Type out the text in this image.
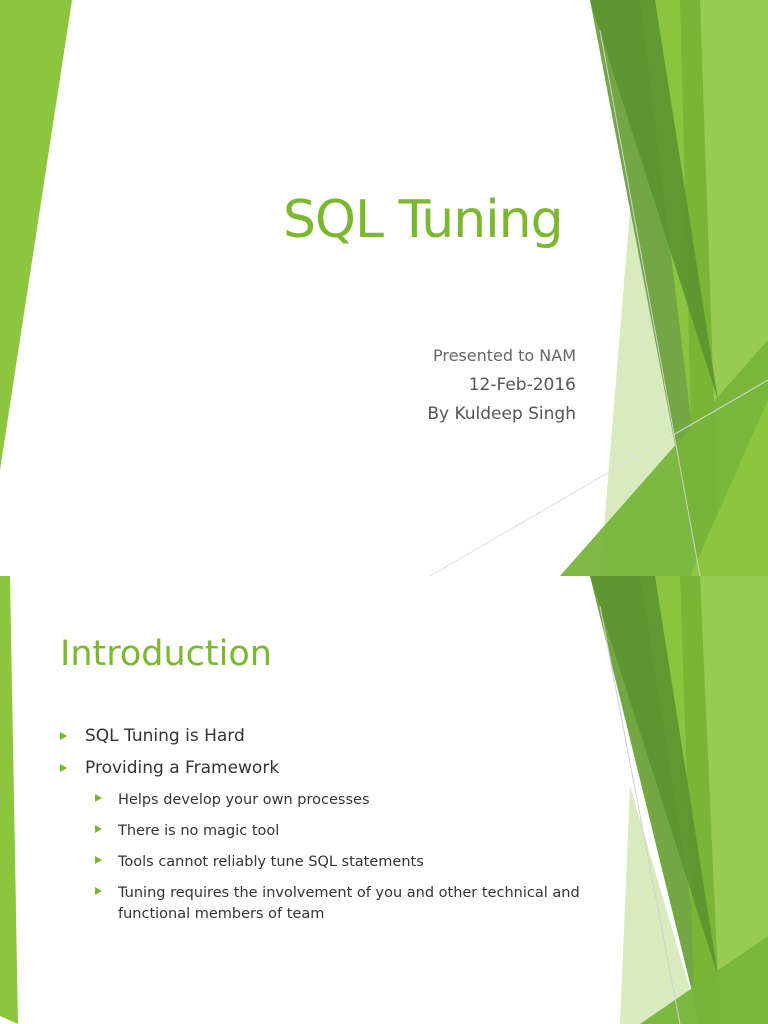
SQL Tuning

Presented to NAM

12-Feb-2016

By Kuldeep Singh

Introduction
SQL Tuning is Hard
Providing a Framework
Helps develop your own processes
There is no magic tool
Tools cannot reliably tune SQL statements
Tuning requires the involvement of you and other technical and functional members of team
